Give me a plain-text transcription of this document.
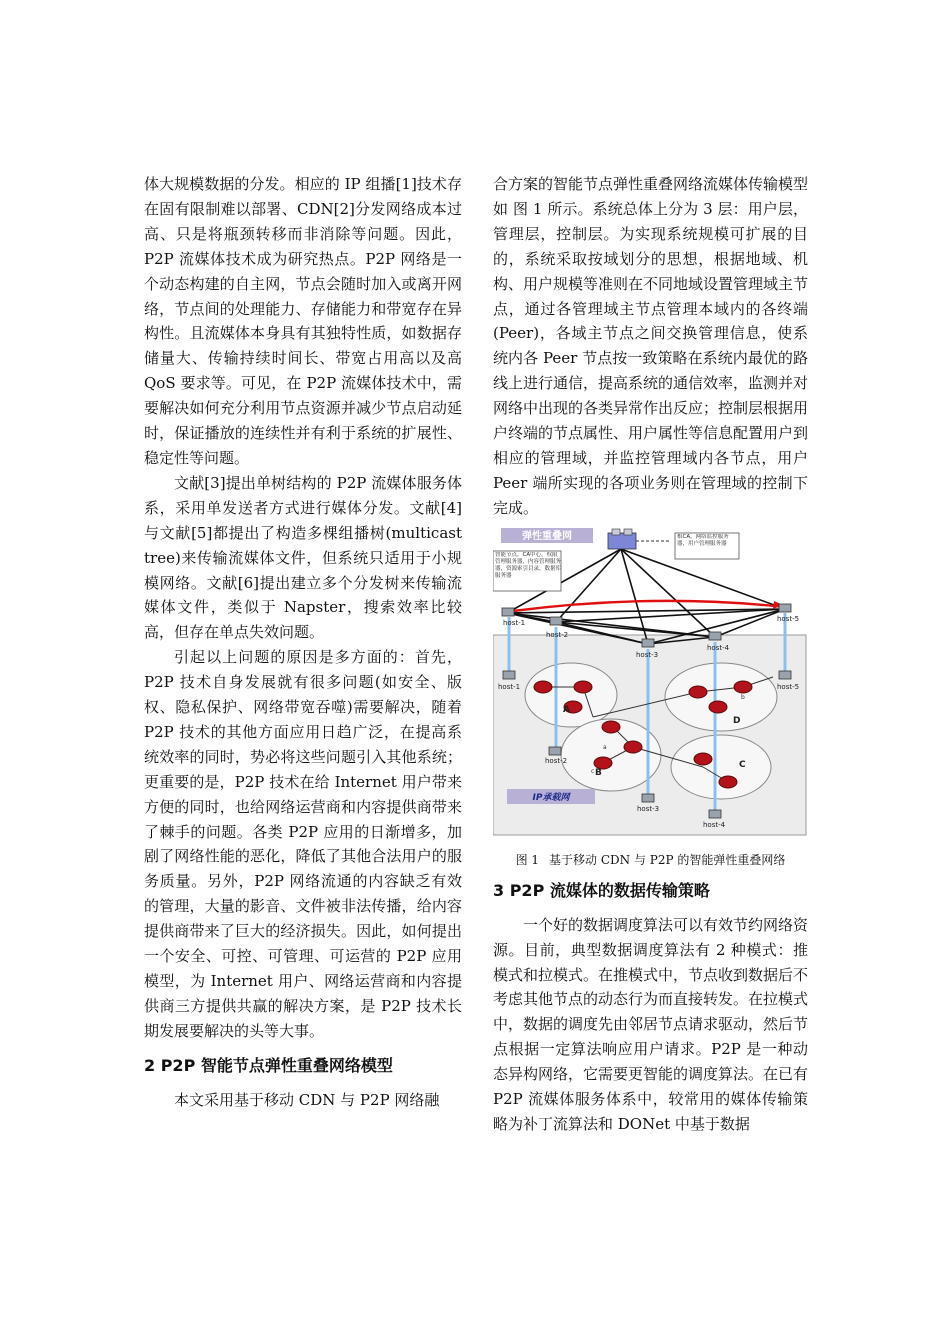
体大规模数据的分发。相应的 IP 组播[1]技术存在固有限制难以部署、CDN[2]分发网络成本过高、只是将瓶颈转移而非消除等问题。因此，P2P 流媒体技术成为研究热点。P2P 网络是一个动态构建的自主网，节点会随时加入或离开网络，节点间的处理能力、存储能力和带宽存在异构性。且流媒体本身具有其独特性质，如数据存储量大、传输持续时间长、带宽占用高以及高 QoS 要求等。可见，在 P2P 流媒体技术中，需要解决如何充分利用节点资源并减少节点启动延时，保证播放的连续性并有利于系统的扩展性、稳定性等问题。

文献[3]提出单树结构的 P2P 流媒体服务体系，采用单发送者方式进行媒体分发。文献[4]与文献[5]都提出了构造多棵组播树(multicast tree)来传输流媒体文件，但系统只适用于小规模网络。文献[6]提出建立多个分发树来传输流媒体文件，类似于 Napster，搜索效率比较高，但存在单点失效问题。

引起以上问题的原因是多方面的：首先，P2P 技术自身发展就有很多问题(如安全、版权、隐私保护、网络带宽吞噬)需要解决，随着 P2P 技术的其他方面应用日趋广泛，在提高系统效率的同时，势必将这些问题引入其他系统；更重要的是，P2P 技术在给 Internet 用户带来方便的同时，也给网络运营商和内容提供商带来了棘手的问题。各类 P2P 应用的日渐增多，加剧了网络性能的恶化，降低了其他合法用户的服务质量。另外，P2P 网络流通的内容缺乏有效的管理，大量的影音、文件被非法传播，给内容提供商带来了巨大的经济损失。因此，如何提出一个安全、可控、可管理、可运营的 P2P 应用模型，为 Internet 用户、网络运营商和内容提供商三方提供共赢的解决方案，是 P2P 技术长期发展要解决的头等大事。

2 P2P 智能节点弹性重叠网络模型

本文采用基于移动 CDN 与 P2P 网络融

合方案的智能节点弹性重叠网络流媒体传输模型如 图 1 所示。系统总体上分为 3 层：用户层，管理层，控制层。为实现系统规模可扩展的目的，系统采取按域划分的思想，根据地域、机构、用户规模等准则在不同地域设置管理域主节点，通过各管理域主节点管理本域内的各终端(Peer)，各域主节点之间交换管理信息，使系统内各 Peer 节点按一致策略在系统内最优的路线上进行通信，提高系统的通信效率，监测并对网络中出现的各类异常作出反应；控制层根据用户终端的节点属性、用户属性等信息配置用户到相应的管理域，并监控管理域内各节点，用户 Peer 端所实现的各项业务则在管理域的控制下完成。

弹性重叠网
智能节点，CA中心，权限管理服务器，内容管理服务器，资源索引目录，数据库服务器
根CA，网络监控服务器，用户管理服务器
host-1
host-2
host-3
host-4
host-5
host-1
host-2
host-3
host-4
host-5
A
B
C
D
a
b
c
IP承载网
图 1 基于移动 CDN 与 P2P 的智能弹性重叠网络
3 P2P 流媒体的数据传输策略

一个好的数据调度算法可以有效节约网络资源。目前，典型数据调度算法有 2 种模式：推模式和拉模式。在推模式中，节点收到数据后不考虑其他节点的动态行为而直接转发。在拉模式中，数据的调度先由邻居节点请求驱动，然后节点根据一定算法响应用户请求。P2P 是一种动态异构网络，它需要更智能的调度算法。在已有 P2P 流媒体服务体系中，较常用的媒体传输策略为补丁流算法和 DONet 中基于数据
